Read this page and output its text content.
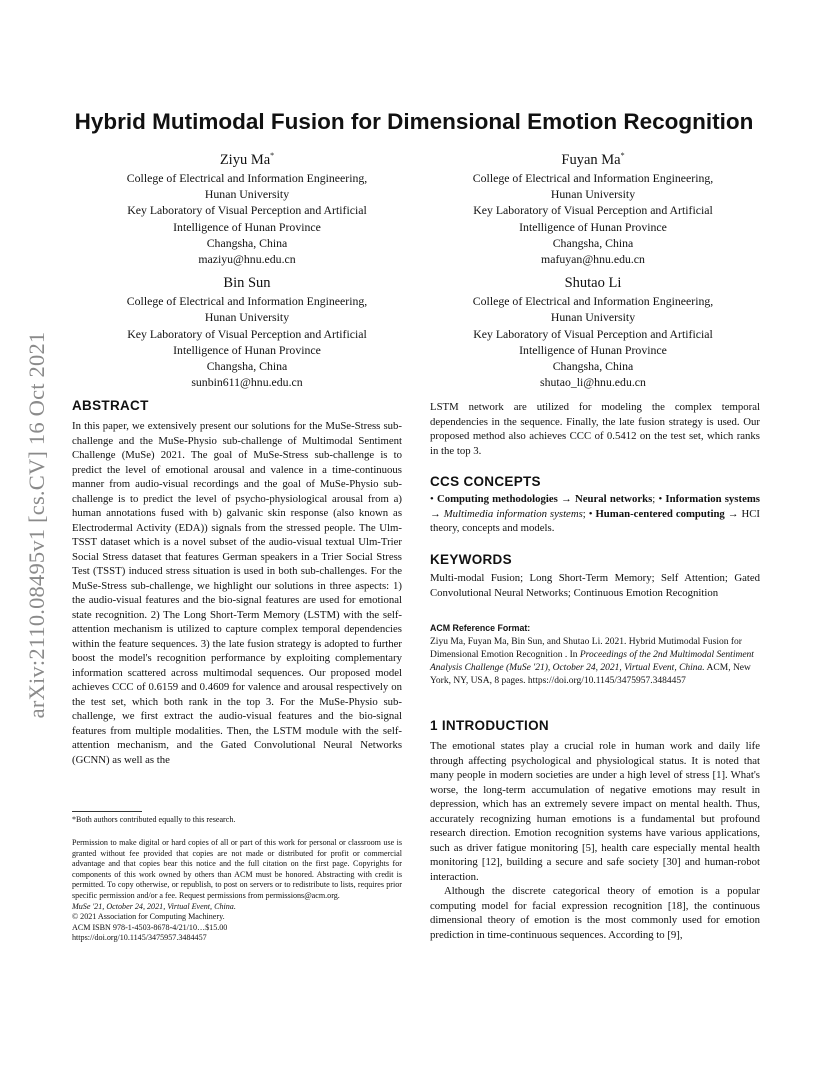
arXiv:2110.08495v1 [cs.CV] 16 Oct 2021
Hybrid Mutimodal Fusion for Dimensional Emotion Recognition
Ziyu Ma*
College of Electrical and Information Engineering,
Hunan University
Key Laboratory of Visual Perception and Artificial
Intelligence of Hunan Province
Changsha, China
maziyu@hnu.edu.cn
Fuyan Ma*
College of Electrical and Information Engineering,
Hunan University
Key Laboratory of Visual Perception and Artificial
Intelligence of Hunan Province
Changsha, China
mafuyan@hnu.edu.cn
Bin Sun
College of Electrical and Information Engineering,
Hunan University
Key Laboratory of Visual Perception and Artificial
Intelligence of Hunan Province
Changsha, China
sunbin611@hnu.edu.cn
Shutao Li
College of Electrical and Information Engineering,
Hunan University
Key Laboratory of Visual Perception and Artificial
Intelligence of Hunan Province
Changsha, China
shutao_li@hnu.edu.cn
ABSTRACT

In this paper, we extensively present our solutions for the MuSe-Stress sub-challenge and the MuSe-Physio sub-challenge of Multimodal Sentiment Challenge (MuSe) 2021. The goal of MuSe-Stress sub-challenge is to predict the level of emotional arousal and valence in a time-continuous manner from audio-visual recordings and the goal of MuSe-Physio sub-challenge is to predict the level of psycho-physiological arousal from a) human annotations fused with b) galvanic skin response (also known as Electrodermal Activity (EDA)) signals from the stressed people. The Ulm-TSST dataset which is a novel subset of the audio-visual textual Ulm-Trier Social Stress dataset that features German speakers in a Trier Social Stress Test (TSST) induced stress situation is used in both sub-challenges. For the MuSe-Stress sub-challenge, we highlight our solutions in three aspects: 1) the audio-visual features and the bio-signal features are used for emotional state recognition. 2) The Long Short-Term Memory (LSTM) with the self-attention mechanism is utilized to capture complex temporal dependencies within the feature sequences. 3) the late fusion strategy is adopted to further boost the model's recognition performance by exploiting complementary information scattered across multimodal sequences. Our proposed model achieves CCC of 0.6159 and 0.4609 for valence and arousal respectively on the test set, which both rank in the top 3. For the MuSe-Physio sub-challenge, we first extract the audio-visual features and the bio-signal features from multiple modalities. Then, the LSTM module with the self-attention mechanism, and the Gated Convolutional Neural Networks (GCNN) as well as the

*Both authors contributed equally to this research.
Permission to make digital or hard copies of all or part of this work for personal or classroom use is granted without fee provided that copies are not made or distributed for profit or commercial advantage and that copies bear this notice and the full citation on the first page. Copyrights for components of this work owned by others than ACM must be honored. Abstracting with credit is permitted. To copy otherwise, or republish, to post on servers or to redistribute to lists, requires prior specific permission and/or a fee. Request permissions from permissions@acm.org.
MuSe '21, October 24, 2021, Virtual Event, China.
© 2021 Association for Computing Machinery.
ACM ISBN 978-1-4503-8678-4/21/10…$15.00
https://doi.org/10.1145/3475957.3484457

LSTM network are utilized for modeling the complex temporal dependencies in the sequence. Finally, the late fusion strategy is used. Our proposed method also achieves CCC of 0.5412 on the test set, which ranks in the top 3.

CCS CONCEPTS
• Computing methodologies → Neural networks; • Information systems → Multimedia information systems; • Human-centered computing → HCI theory, concepts and models.
KEYWORDS
Multi-modal Fusion; Long Short-Term Memory; Self Attention; Gated Convolutional Neural Networks; Continuous Emotion Recognition
ACM Reference Format:
Ziyu Ma, Fuyan Ma, Bin Sun, and Shutao Li. 2021. Hybrid Mutimodal Fusion for Dimensional Emotion Recognition . In Proceedings of the 2nd Multimodal Sentiment Analysis Challenge (MuSe '21), October 24, 2021, Virtual Event, China. ACM, New York, NY, USA, 8 pages. https://doi.org/10.1145/3475957.3484457
1 INTRODUCTION

The emotional states play a crucial role in human work and daily life through affecting psychological and physiological status. It is noted that many people in modern societies are under a high level of stress [1]. What's worse, the long-term accumulation of negative emotions may result in depression, which has an extremely severe impact on mental health. Thus, accurately recognizing human emotions is a fundamental but profound research direction. Emotion recognition systems have various applications, such as driver fatigue monitoring [5], health care especially mental health monitoring [12], building a secure and safe society [30] and human-robot interaction.

Although the discrete categorical theory of emotion is a popular computing model for facial expression recognition [18], the continuous dimensional theory of emotion is the most commonly used for emotion prediction in time-continuous sequences. According to [9],
